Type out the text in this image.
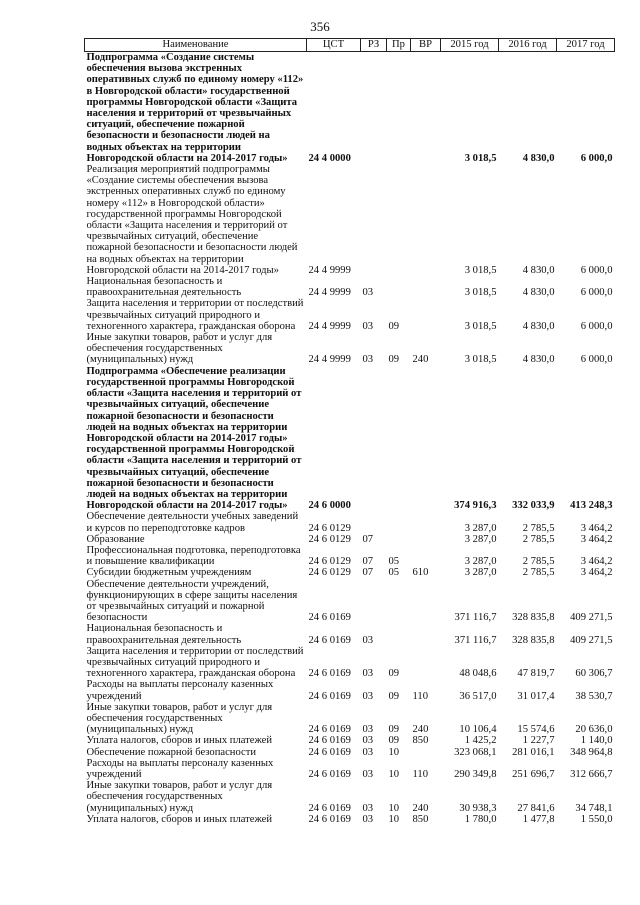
356
Наименование	ЦСТ	РЗ	Пр	ВР	2015 год	2016 год	2017 год
Подпрограмма «Создание системы обеспечения вызова экстренных оперативных служб по единому номеру «112» в Новгородской области» государственной программы Новгородской области «Защита населения и территорий от чрезвычайных ситуаций, обеспечение пожарной безопасности и безопасности людей на водных объектах на территории Новгородской области на 2014-2017 годы»	24 4 0000				3 018,5	4 830,0	6 000,0
Реализация мероприятий подпрограммы «Создание системы обеспечения вызова экстренных оперативных служб по единому номеру «112» в Новгородской области» государственной программы Новгородской области «Защита населения и территорий от чрезвычайных ситуаций, обеспечение пожарной безопасности и безопасности людей на водных объектах на территории Новгородской области на 2014-2017 годы»	24 4 9999				3 018,5	4 830,0	6 000,0
Национальная безопасность и правоохранительная деятельность	24 4 9999	03			3 018,5	4 830,0	6 000,0
Защита населения и территории от последствий чрезвычайных ситуаций природного и техногенного характера, гражданская оборона	24 4 9999	03	09		3 018,5	4 830,0	6 000,0
Иные закупки товаров, работ и услуг для обеспечения государственных (муниципальных) нужд	24 4 9999	03	09	240	3 018,5	4 830,0	6 000,0
Подпрограмма «Обеспечение реализации государственной программы Новгородской области «Защита населения и территорий от чрезвычайных ситуаций, обеспечение пожарной безопасности и безопасности людей на водных объектах на территории Новгородской области на 2014-2017 годы» государственной программы Новгородской области «Защита населения и территорий от чрезвычайных ситуаций, обеспечение пожарной безопасности и безопасности людей на водных объектах на территории Новгородской области на 2014-2017 годы»	24 6 0000				374 916,3	332 033,9	413 248,3
Обеспечение деятельности учебных заведений и курсов по переподготовке кадров	24 6 0129				3 287,0	2 785,5	3 464,2
Образование	24 6 0129	07			3 287,0	2 785,5	3 464,2
Профессиональная подготовка, переподготовка и повышение квалификации	24 6 0129	07	05		3 287,0	2 785,5	3 464,2
Субсидии бюджетным учреждениям	24 6 0129	07	05	610	3 287,0	2 785,5	3 464,2
Обеспечение деятельности учреждений, функционирующих в сфере защиты населения от чрезвычайных ситуаций и пожарной безопасности	24 6 0169				371 116,7	328 835,8	409 271,5
Национальная безопасность и правоохранительная деятельность	24 6 0169	03			371 116,7	328 835,8	409 271,5
Защита населения и территории от последствий чрезвычайных ситуаций природного и техногенного характера, гражданская оборона	24 6 0169	03	09		48 048,6	47 819,7	60 306,7
Расходы на выплаты персоналу казенных учреждений	24 6 0169	03	09	110	36 517,0	31 017,4	38 530,7
Иные закупки товаров, работ и услуг для обеспечения государственных (муниципальных) нужд	24 6 0169	03	09	240	10 106,4	15 574,6	20 636,0
Уплата налогов, сборов и иных платежей	24 6 0169	03	09	850	1 425,2	1 227,7	1 140,0
Обеспечение пожарной безопасности	24 6 0169	03	10		323 068,1	281 016,1	348 964,8
Расходы на выплаты персоналу казенных учреждений	24 6 0169	03	10	110	290 349,8	251 696,7	312 666,7
Иные закупки товаров, работ и услуг для обеспечения государственных (муниципальных) нужд	24 6 0169	03	10	240	30 938,3	27 841,6	34 748,1
Уплата налогов, сборов и иных платежей	24 6 0169	03	10	850	1 780,0	1 477,8	1 550,0
